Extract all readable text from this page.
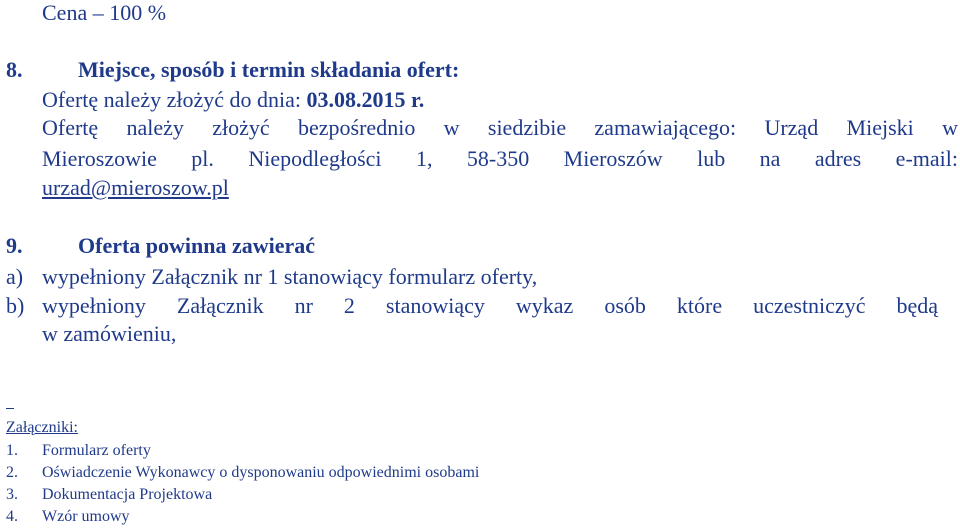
Cena – 100 %
8.	Miejsce, sposób i termin składania ofert:
Ofertę należy złożyć do dnia: 03.08.2015 r.
Ofertę należy złożyć bezpośrednio w siedzibie zamawiającego: Urząd Miejski w
Mieroszowie pl. Niepodległości 1, 58-350 Mieroszów lub na adres e-mail:
urzad@mieroszow.pl
9.	Oferta powinna zawierać
a) wypełniony Załącznik nr 1 stanowiący formularz oferty,
b) wypełniony Załącznik nr 2 stanowiący wykaz osób które uczestniczyć będą
w zamówieniu,
Załączniki:
1. Formularz oferty
2. Oświadczenie Wykonawcy o dysponowaniu odpowiednimi osobami
3. Dokumentacja Projektowa
4. Wzór umowy
